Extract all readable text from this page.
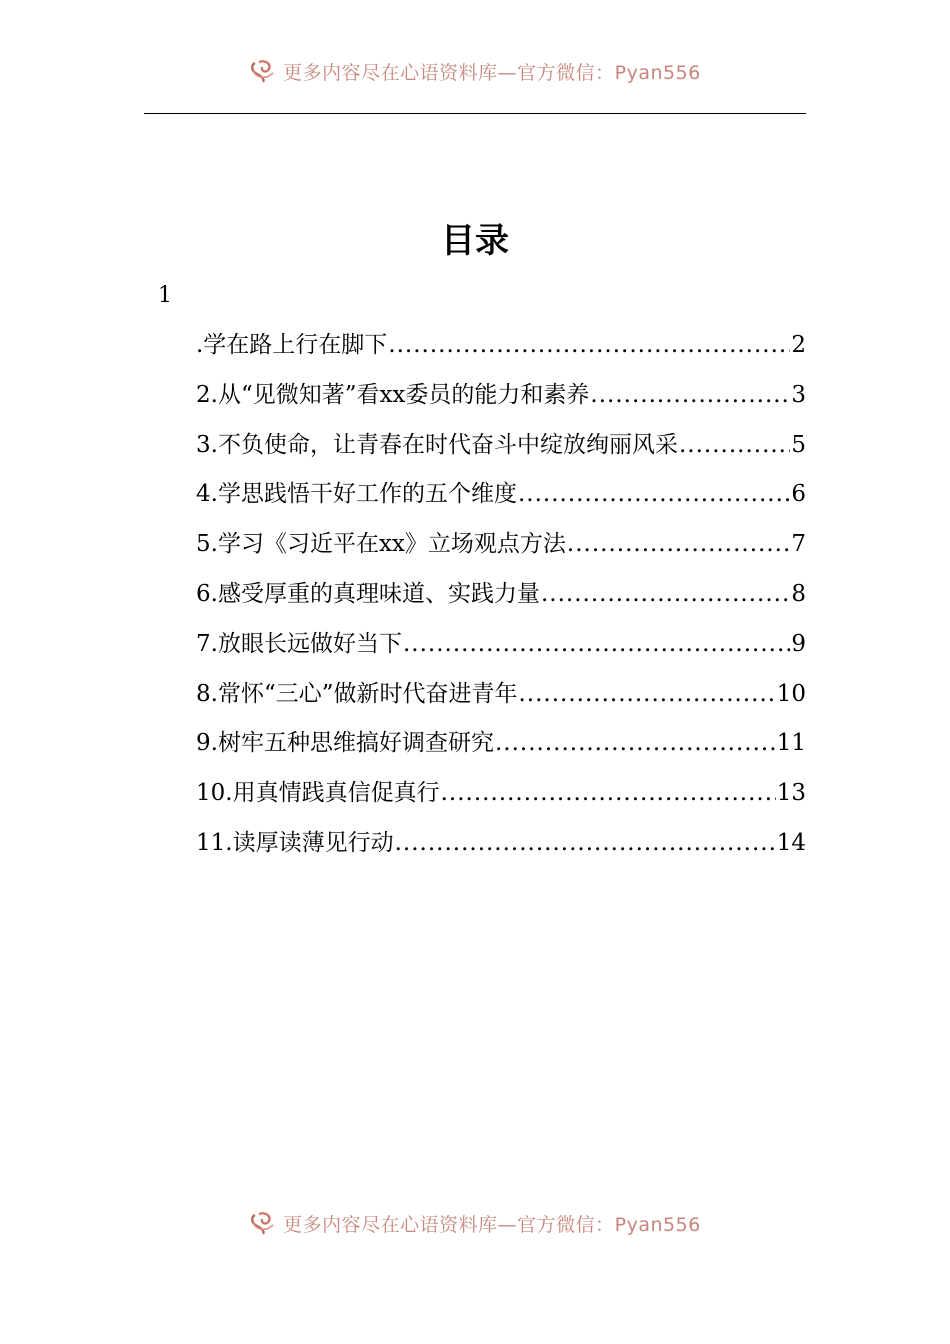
更多内容尽在心语资料库—官方微信：Pyan556
目录
1
.学在路上行在脚下 .....	2
2.从“见微知著”看xx委员的能力和素养 .....	3
3.不负使命，让青春在时代奋斗中绽放绚丽风采 .....	5
4.学思践悟干好工作的五个维度 .....	6
5.学习《习近平在xx》立场观点方法 .....	7
6.感受厚重的真理味道、实践力量 .....	8
7.放眼长远做好当下 .....	9
8.常怀“三心”做新时代奋进青年 .....	10
9.树牢五种思维搞好调查研究 .....	11
10.用真情践真信促真行 .....	13
11.读厚读薄见行动 .....	14
更多内容尽在心语资料库—官方微信：Pyan556
